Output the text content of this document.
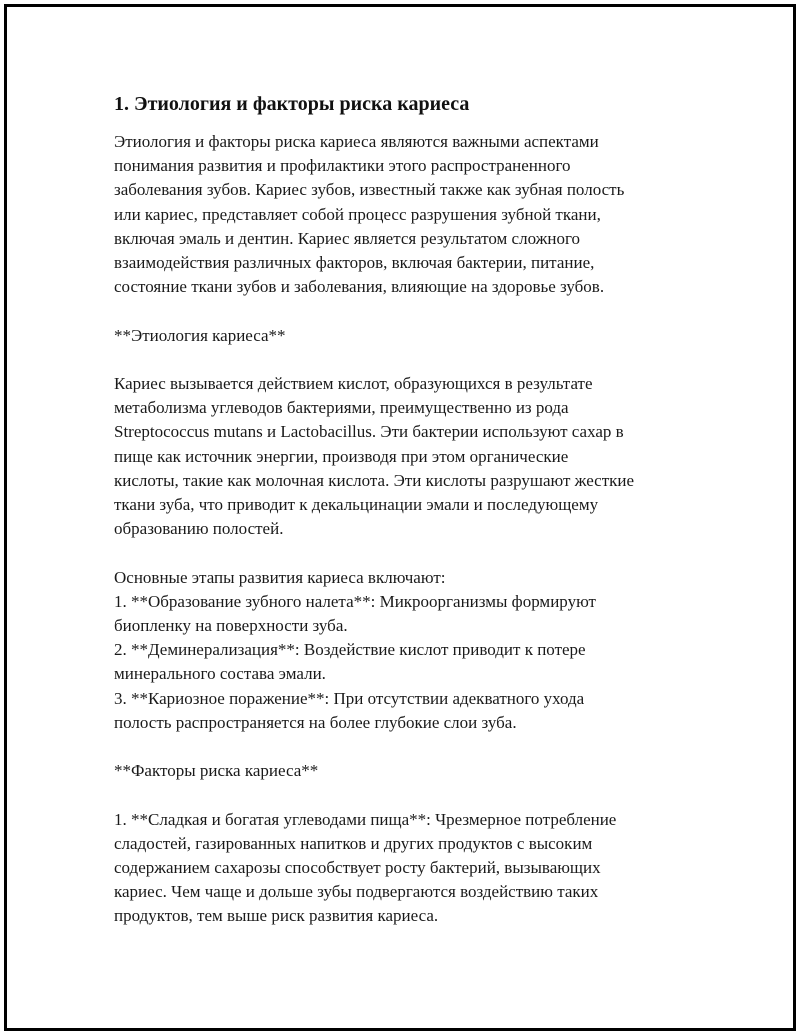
1. Этиология и факторы риска кариеса

Этиология и факторы риска кариеса являются важными аспектами
понимания развития и профилактики этого распространенного
заболевания зубов. Кариес зубов, известный также как зубная полость
или кариес, представляет собой процесс разрушения зубной ткани,
включая эмаль и дентин. Кариес является результатом сложного
взаимодействия различных факторов, включая бактерии, питание,
состояние ткани зубов и заболевания, влияющие на здоровье зубов.

**Этиология кариеса**

Кариес вызывается действием кислот, образующихся в результате
метаболизма углеводов бактериями, преимущественно из рода
Streptococcus mutans и Lactobacillus. Эти бактерии используют сахар в
пище как источник энергии, производя при этом органические
кислоты, такие как молочная кислота. Эти кислоты разрушают жесткие
ткани зуба, что приводит к декальцинации эмали и последующему
образованию полостей.

Основные этапы развития кариеса включают:
1. **Образование зубного налета**: Микроорганизмы формируют
биопленку на поверхности зуба.
2. **Деминерализация**: Воздействие кислот приводит к потере
минерального состава эмали.
3. **Кариозное поражение**: При отсутствии адекватного ухода
полость распространяется на более глубокие слои зуба.

**Факторы риска кариеса**

1. **Сладкая и богатая углеводами пища**: Чрезмерное потребление
сладостей, газированных напитков и других продуктов с высоким
содержанием сахарозы способствует росту бактерий, вызывающих
кариес. Чем чаще и дольше зубы подвергаются воздействию таких
продуктов, тем выше риск развития кариеса.
